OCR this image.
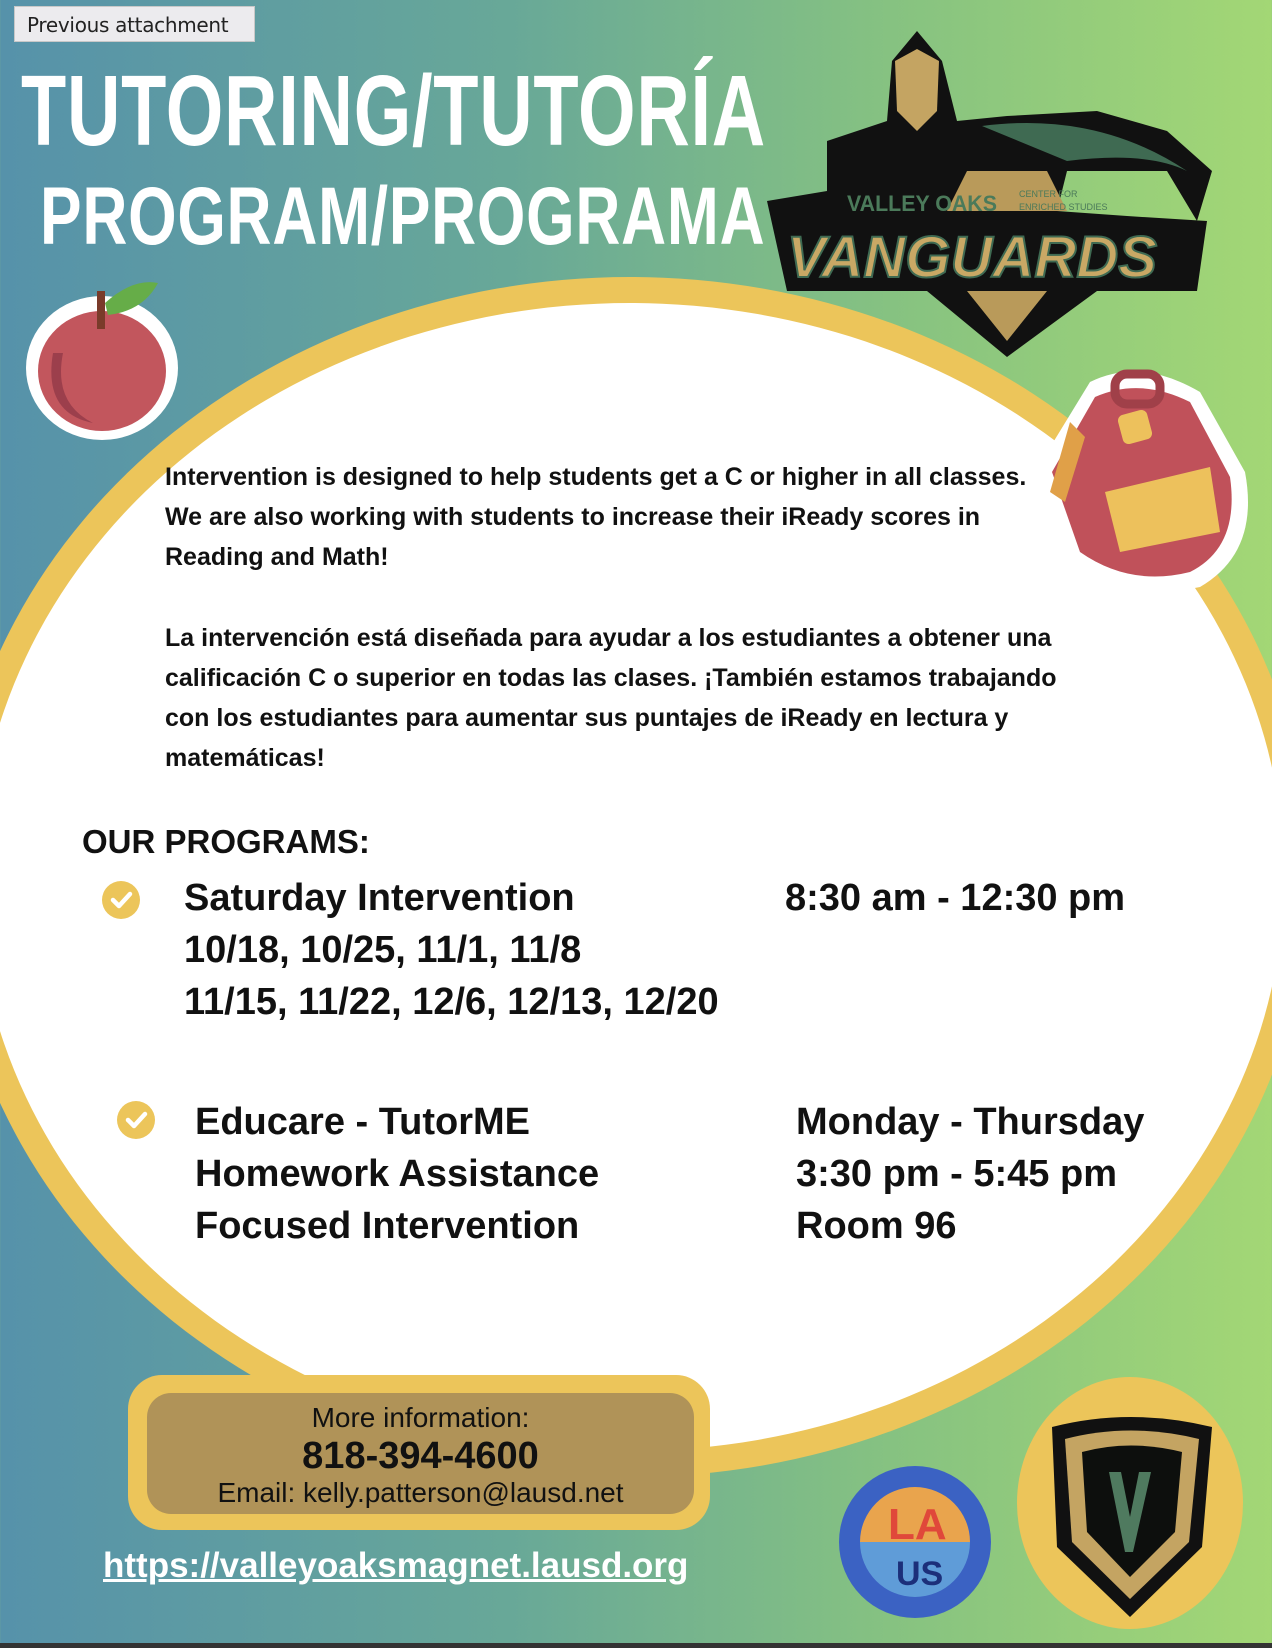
TUTORING/TUTORÍA
PROGRAM/PROGRAMA
Previous attachment
VALLEY OAKS CENTER FOR
ENRICHED STUDIES
VANGUARDS
Intervention is designed to help students get a C or higher in all classes. We are also working with students to increase their iReady scores in Reading and Math!
La intervención está diseñada para ayudar a los estudiantes a obtener una calificación C o superior en todas las clases. ¡También estamos trabajando con los estudiantes para aumentar sus puntajes de iReady en lectura y matemáticas!
OUR PROGRAMS:
Saturday Intervention
10/18, 10/25, 11/1, 11/8
11/15, 11/22, 12/6, 12/13, 12/20
8:30 am - 12:30 pm
Educare - TutorME
Homework Assistance
Focused Intervention
Monday - Thursday
3:30 pm - 5:45 pm
Room 96
More information:
818-394-4600
Email: kelly.patterson@lausd.net
https://valleyoaksmagnet.lausd.org
LA
US
